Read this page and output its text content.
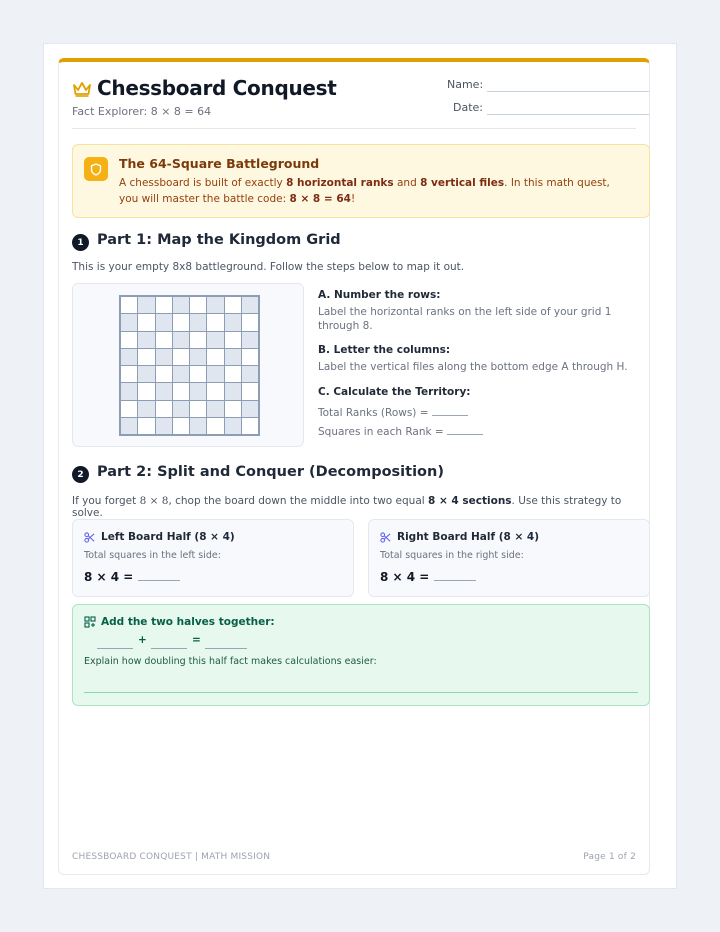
Chessboard Conquest
Fact Explorer: 8 × 8 = 64
Name:
Date:
The 64-Square Battleground
A chessboard is built of exactly 8 horizontal ranks and 8 vertical files. In this math quest, you will master the battle code: 8 × 8 = 64!
1 Part 1: Map the Kingdom Grid
This is your empty 8x8 battleground. Follow the steps below to map it out.
A. Number the rows:
Label the horizontal ranks on the left side of your grid 1 through 8.
B. Letter the columns:
Label the vertical files along the bottom edge A through H.
C. Calculate the Territory:
Total Ranks (Rows) =
Squares in each Rank =
2 Part 2: Split and Conquer (Decomposition)
If you forget 8 × 8, chop the board down the middle into two equal 8 × 4 sections. Use this strategy to solve.
Left Board Half (8 × 4)
Total squares in the left side:
8 × 4 =
Right Board Half (8 × 4)
Total squares in the right side:
8 × 4 =
Add the two halves together:
+	=
Explain how doubling this half fact makes calculations easier:
CHESSBOARD CONQUEST | MATH MISSION	Page 1 of 2
